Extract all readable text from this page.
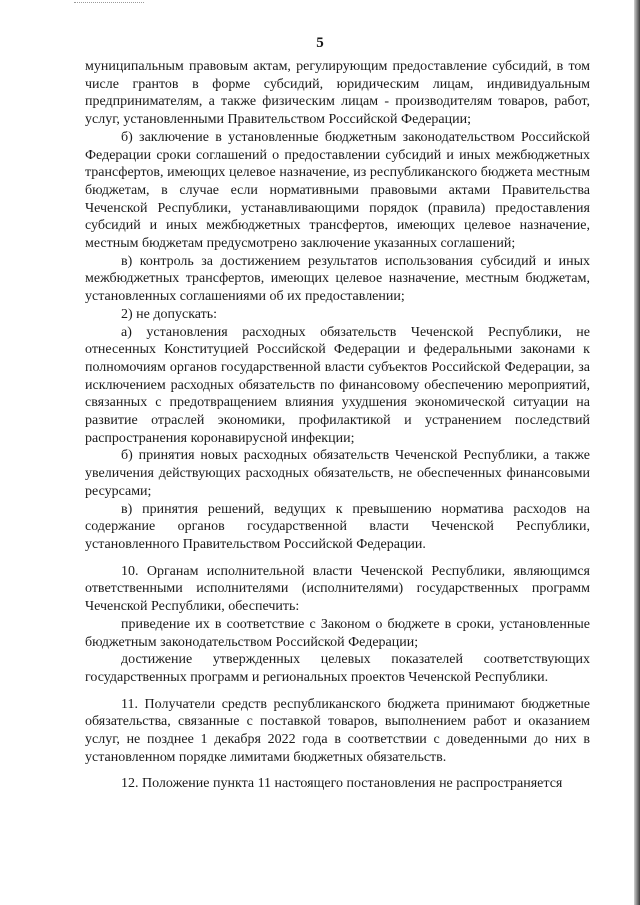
5

муниципальным правовым актам, регулирующим предоставление субсидий, в том числе грантов в форме субсидий, юридическим лицам, индивидуальным предпринимателям, а также физическим лицам - производителям товаров, работ, услуг, установленными Правительством Российской Федерации;

б) заключение в установленные бюджетным законодательством Российской Федерации сроки соглашений о предоставлении субсидий и иных межбюджетных трансфертов, имеющих целевое назначение, из республиканского бюджета местным бюджетам, в случае если нормативными правовыми актами Правительства Чеченской Республики, устанавливающими порядок (правила) предоставления субсидий и иных межбюджетных трансфертов, имеющих целевое назначение, местным бюджетам предусмотрено заключение указанных соглашений;

в) контроль за достижением результатов использования субсидий и иных межбюджетных трансфертов, имеющих целевое назначение, местным бюджетам, установленных соглашениями об их предоставлении;

2) не допускать:

а) установления расходных обязательств Чеченской Республики, не отнесенных Конституцией Российской Федерации и федеральными законами к полномочиям органов государственной власти субъектов Российской Федерации, за исключением расходных обязательств по финансовому обеспечению мероприятий, связанных с предотвращением влияния ухудшения экономической ситуации на развитие отраслей экономики, профилактикой и устранением последствий распространения коронавирусной инфекции;

б) принятия новых расходных обязательств Чеченской Республики, а также увеличения действующих расходных обязательств, не обеспеченных финансовыми ресурсами;

в) принятия решений, ведущих к превышению норматива расходов на содержание органов государственной власти Чеченской Республики, установленного Правительством Российской Федерации.

10. Органам исполнительной власти Чеченской Республики, являющимся ответственными исполнителями (исполнителями) государственных программ Чеченской Республики, обеспечить:

приведение их в соответствие с Законом о бюджете в сроки, установленные бюджетным законодательством Российской Федерации;

достижение утвержденных целевых показателей соответствующих государственных программ и региональных проектов Чеченской Республики.

11. Получатели средств республиканского бюджета принимают бюджетные обязательства, связанные с поставкой товаров, выполнением работ и оказанием услуг, не позднее 1 декабря 2022 года в соответствии с доведенными до них в установленном порядке лимитами бюджетных обязательств.

12. Положение пункта 11 настоящего постановления не распространяется
